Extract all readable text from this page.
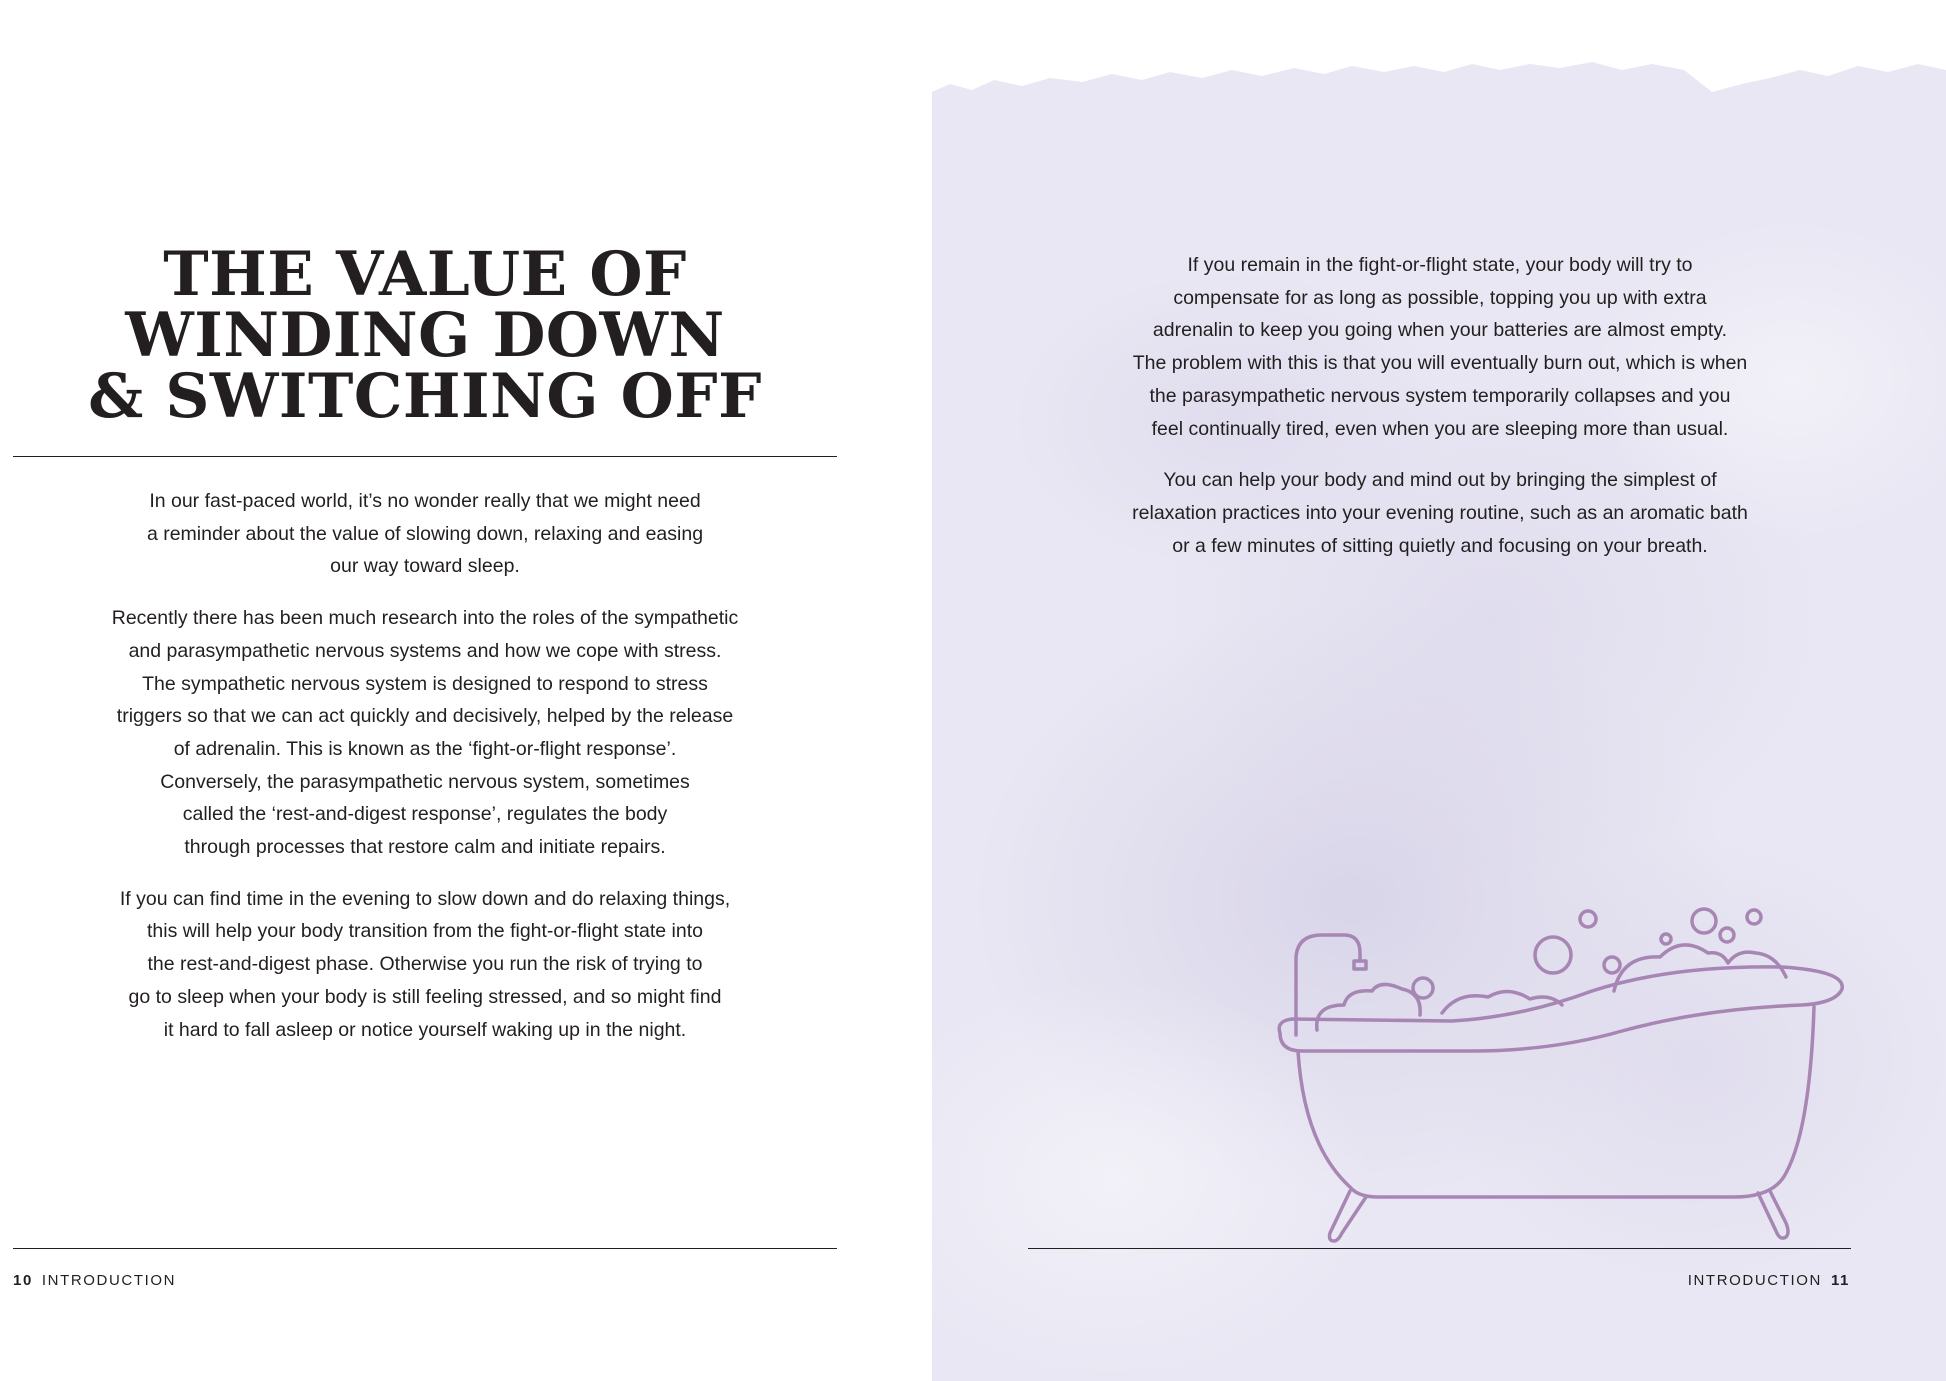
THE VALUE OF
WINDING DOWN
& SWITCHING OFF

In our fast-paced world, it’s no wonder really that we might need
a reminder about the value of slowing down, relaxing and easing
our way toward sleep.

Recently there has been much research into the roles of the sympathetic
and parasympathetic nervous systems and how we cope with stress.
The sympathetic nervous system is designed to respond to stress
triggers so that we can act quickly and decisively, helped by the release
of adrenalin. This is known as the ‘fight-or-flight response’.
Conversely, the parasympathetic nervous system, sometimes
called the ‘rest-and-digest response’, regulates the body
through processes that restore calm and initiate repairs.

If you can find time in the evening to slow down and do relaxing things,
this will help your body transition from the fight-or-flight state into
the rest-and-digest phase. Otherwise you run the risk of trying to
go to sleep when your body is still feeling stressed, and so might find
it hard to fall asleep or notice yourself waking up in the night.

10 INTRODUCTION

If you remain in the fight-or-flight state, your body will try to
compensate for as long as possible, topping you up with extra
adrenalin to keep you going when your batteries are almost empty.
The problem with this is that you will eventually burn out, which is when
the parasympathetic nervous system temporarily collapses and you
feel continually tired, even when you are sleeping more than usual.

You can help your body and mind out by bringing the simplest of
relaxation practices into your evening routine, such as an aromatic bath
or a few minutes of sitting quietly and focusing on your breath.

INTRODUCTION 11
